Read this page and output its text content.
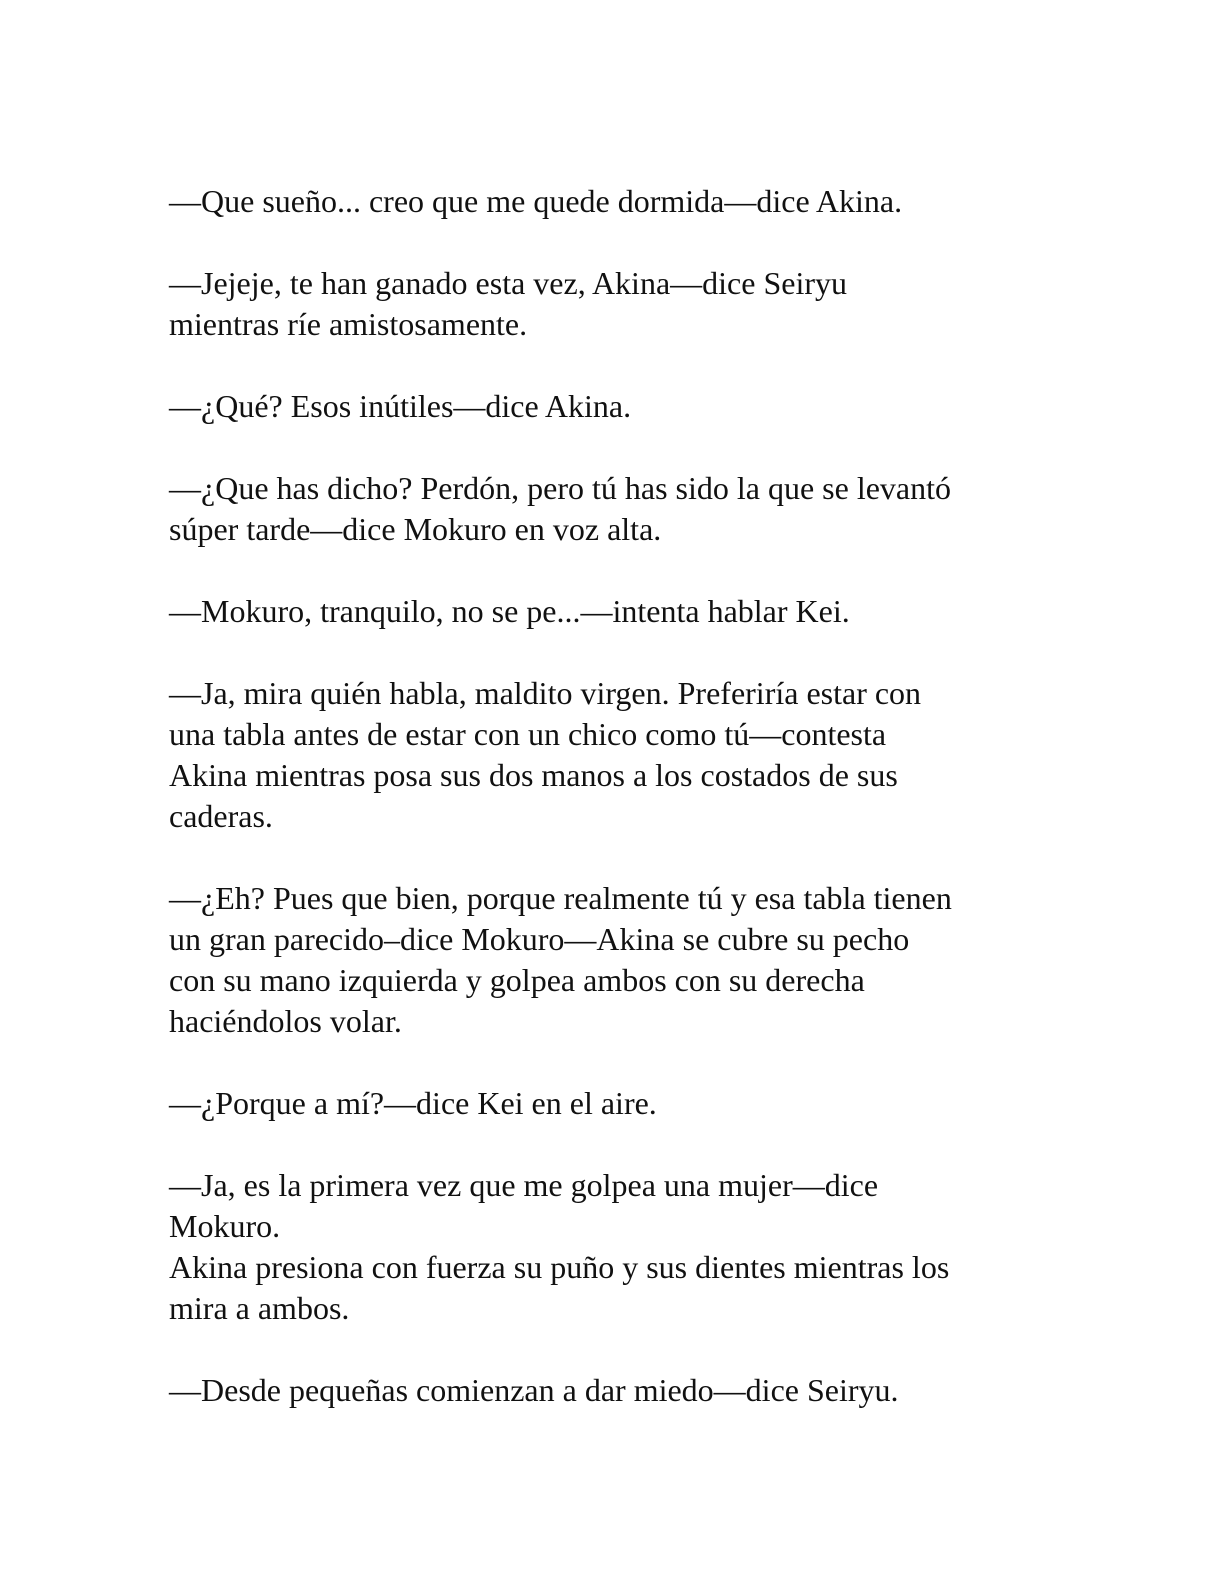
—Que sueño... creo que me quede dormida—dice Akina.

—Jejeje, te han ganado esta vez, Akina—dice Seiryu
mientras ríe amistosamente.

—¿Qué? Esos inútiles—dice Akina.

—¿Que has dicho? Perdón, pero tú has sido la que se levantó
súper tarde—dice Mokuro en voz alta.

—Mokuro, tranquilo, no se pe...—intenta hablar Kei.

—Ja, mira quién habla, maldito virgen. Preferiría estar con
una tabla antes de estar con un chico como tú—contesta
Akina mientras posa sus dos manos a los costados de sus
caderas.

—¿Eh? Pues que bien, porque realmente tú y esa tabla tienen
un gran parecido–dice Mokuro—Akina se cubre su pecho
con su mano izquierda y golpea ambos con su derecha
haciéndolos volar.

—¿Porque a mí?—dice Kei en el aire.

—Ja, es la primera vez que me golpea una mujer—dice
Mokuro.

Akina presiona con fuerza su puño y sus dientes mientras los
mira a ambos.

—Desde pequeñas comienzan a dar miedo—dice Seiryu.
